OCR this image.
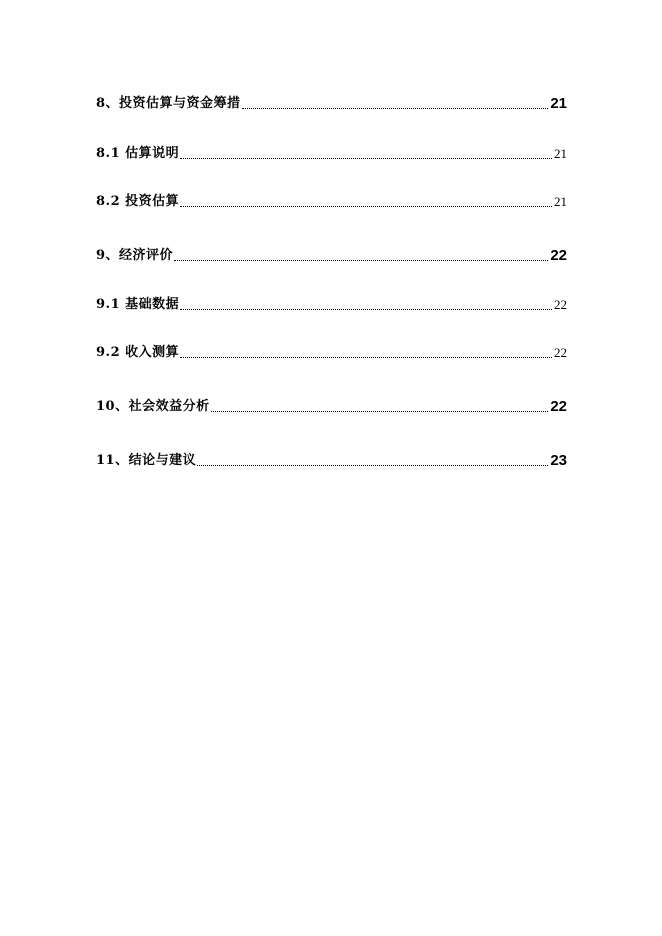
8、投资估算与资金筹措	21
8.1 估算说明	21
8.2 投资估算	21
9、经济评价	22
9.1 基础数据	22
9.2 收入测算	22
10、社会效益分析	22
11、结论与建议	23
